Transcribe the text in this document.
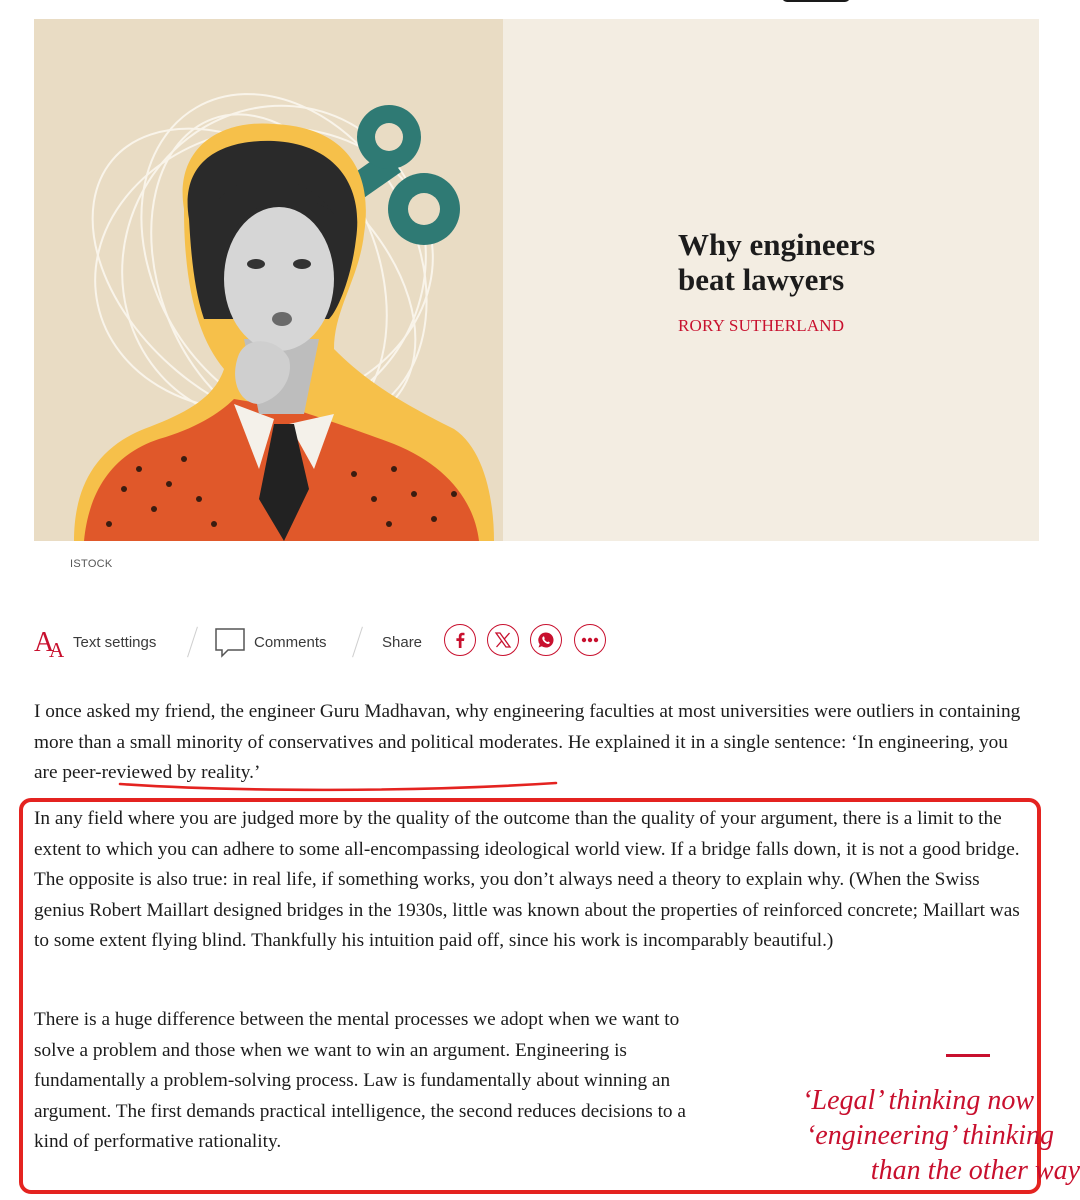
Why engineers
beat lawyers
RORY SUTHERLAND
ISTOCK
A
A Text settings	Comments	Share

I once asked my friend, the engineer Guru Madhavan, why engineering faculties at most universities were outliers in containing more than a small minority of conservatives and political moderates. He explained it in a single sentence: ‘In engineering, you are peer-reviewed by reality.’

In any field where you are judged more by the quality of the outcome than the quality of your argument, there is a limit to the extent to which you can adhere to some all-encompassing ideological world view. If a bridge falls down, it is not a good bridge. The opposite is also true: in real life, if something works, you don’t always need a theory to explain why. (When the Swiss genius Robert Maillart designed bridges in the 1930s, little was known about the properties of reinforced concrete; Maillart was to some extent flying blind. Thankfully his intuition paid off, since his work is incomparably beautiful.)

There is a huge difference between the mental processes we adopt when we want to solve a problem and those when we want to win an argument. Engineering is fundamentally a problem-solving process. Law is fundamentally about winning an argument. The first demands practical intelligence, the second reduces decisions to a kind of performative rationality.

‘Legal’ thinking now
‘engineering’ thinking
than the other way
